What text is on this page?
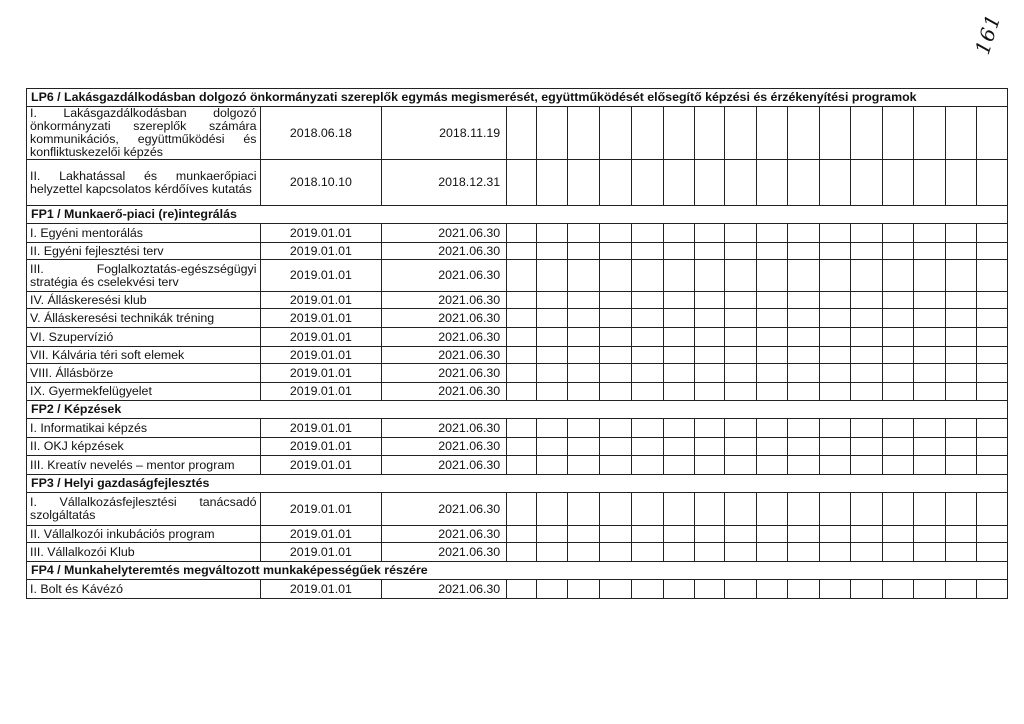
161
LP6 / Lakásgazdálkodásban dolgozó önkormányzati szereplők egymás megismerését, együttműködését elősegítő képzési és érzékenyítési programok																		
I. Lakásgazdálkodásban dolgozó önkormányzati szereplők számára kommunikációs, együttműködési és konfliktuskezelői képzés	2018.06.18	2018.11.19																
II. Lakhatással és munkaerőpiaci helyzettel kapcsolatos kérdőíves kutatás	2018.10.10	2018.12.31																
FP1 / Munkaerő-piaci (re)integrálás																		
I. Egyéni mentorálás	2019.01.01	2021.06.30																
II. Egyéni fejlesztési terv	2019.01.01	2021.06.30																
III. Foglalkoztatás-egészségügyi stratégia és cselekvési terv	2019.01.01	2021.06.30																
IV. Álláskeresési klub	2019.01.01	2021.06.30																
V. Álláskeresési technikák tréning	2019.01.01	2021.06.30																
VI. Szupervízió	2019.01.01	2021.06.30																
VII. Kálvária téri soft elemek	2019.01.01	2021.06.30																
VIII. Állásbörze	2019.01.01	2021.06.30																
IX. Gyermekfelügyelet	2019.01.01	2021.06.30																
FP2 / Képzések																		
I. Informatikai képzés	2019.01.01	2021.06.30																
II. OKJ képzések	2019.01.01	2021.06.30																
III. Kreatív nevelés – mentor program	2019.01.01	2021.06.30																
FP3 / Helyi gazdaságfejlesztés																		
I. Vállalkozásfejlesztési tanácsadó szolgáltatás	2019.01.01	2021.06.30																
II. Vállalkozói inkubációs program	2019.01.01	2021.06.30																
III. Vállalkozói Klub	2019.01.01	2021.06.30																
FP4 / Munkahelyteremtés megváltozott munkaképességűek részére																		
I. Bolt és Kávézó	2019.01.01	2021.06.30																
